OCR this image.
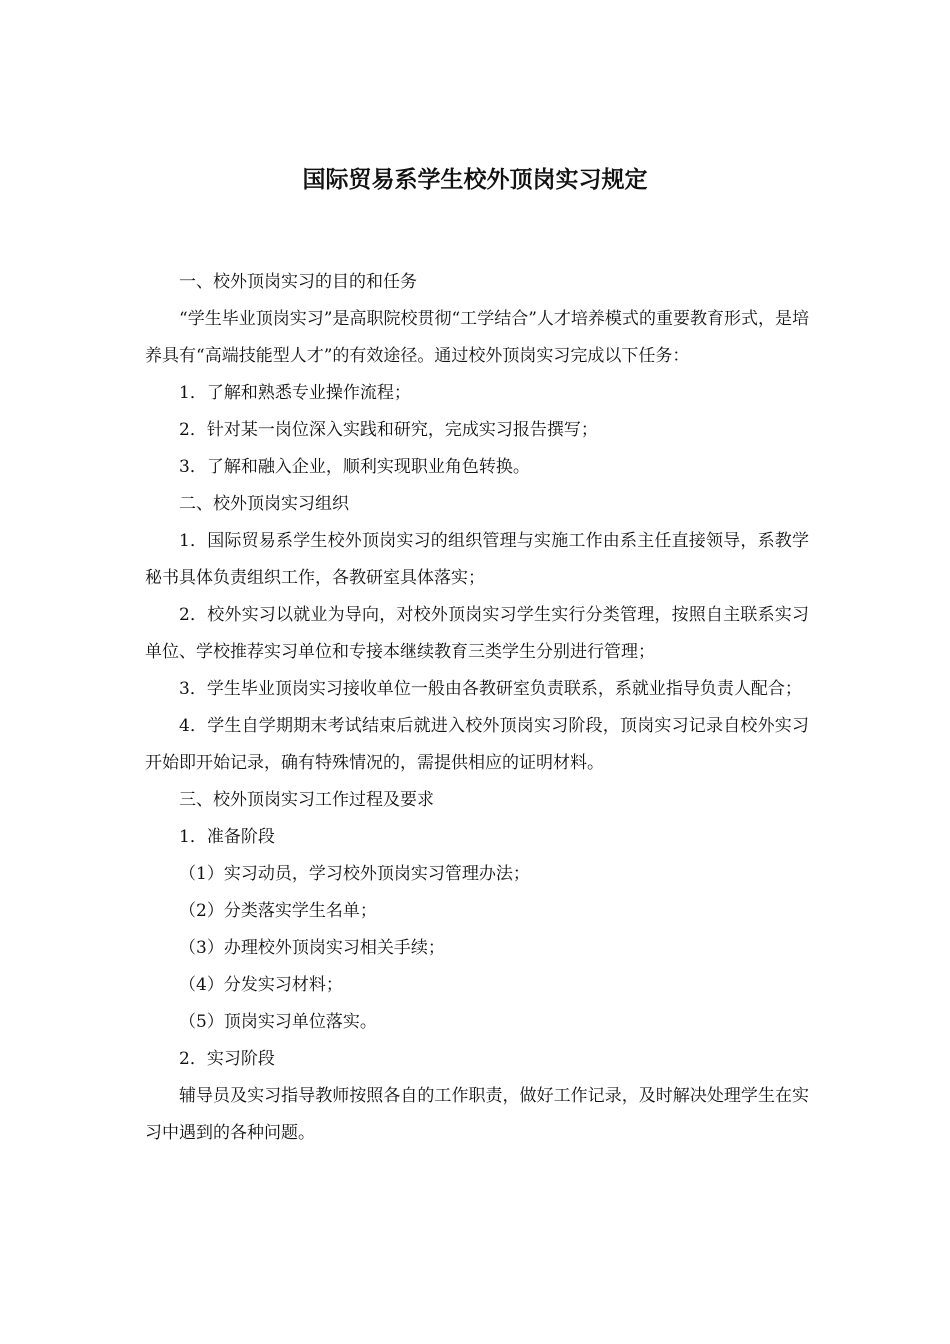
国际贸易系学生校外顶岗实习规定

一、校外顶岗实习的目的和任务

“学生毕业顶岗实习”是高职院校贯彻“工学结合”人才培养模式的重要教育形式，是培养具有“高端技能型人才”的有效途径。通过校外顶岗实习完成以下任务：

1．了解和熟悉专业操作流程；

2．针对某一岗位深入实践和研究，完成实习报告撰写；

3．了解和融入企业，顺利实现职业角色转换。

二、校外顶岗实习组织

1．国际贸易系学生校外顶岗实习的组织管理与实施工作由系主任直接领导，系教学秘书具体负责组织工作，各教研室具体落实；

2．校外实习以就业为导向，对校外顶岗实习学生实行分类管理，按照自主联系实习单位、学校推荐实习单位和专接本继续教育三类学生分别进行管理；

3．学生毕业顶岗实习接收单位一般由各教研室负责联系，系就业指导负责人配合；

4．学生自学期期末考试结束后就进入校外顶岗实习阶段，顶岗实习记录自校外实习开始即开始记录，确有特殊情况的，需提供相应的证明材料。

三、校外顶岗实习工作过程及要求

1．准备阶段

（1）实习动员，学习校外顶岗实习管理办法；

（2）分类落实学生名单；

（3）办理校外顶岗实习相关手续；

（4）分发实习材料；

（5）顶岗实习单位落实。

2．实习阶段

辅导员及实习指导教师按照各自的工作职责，做好工作记录，及时解决处理学生在实习中遇到的各种问题。
